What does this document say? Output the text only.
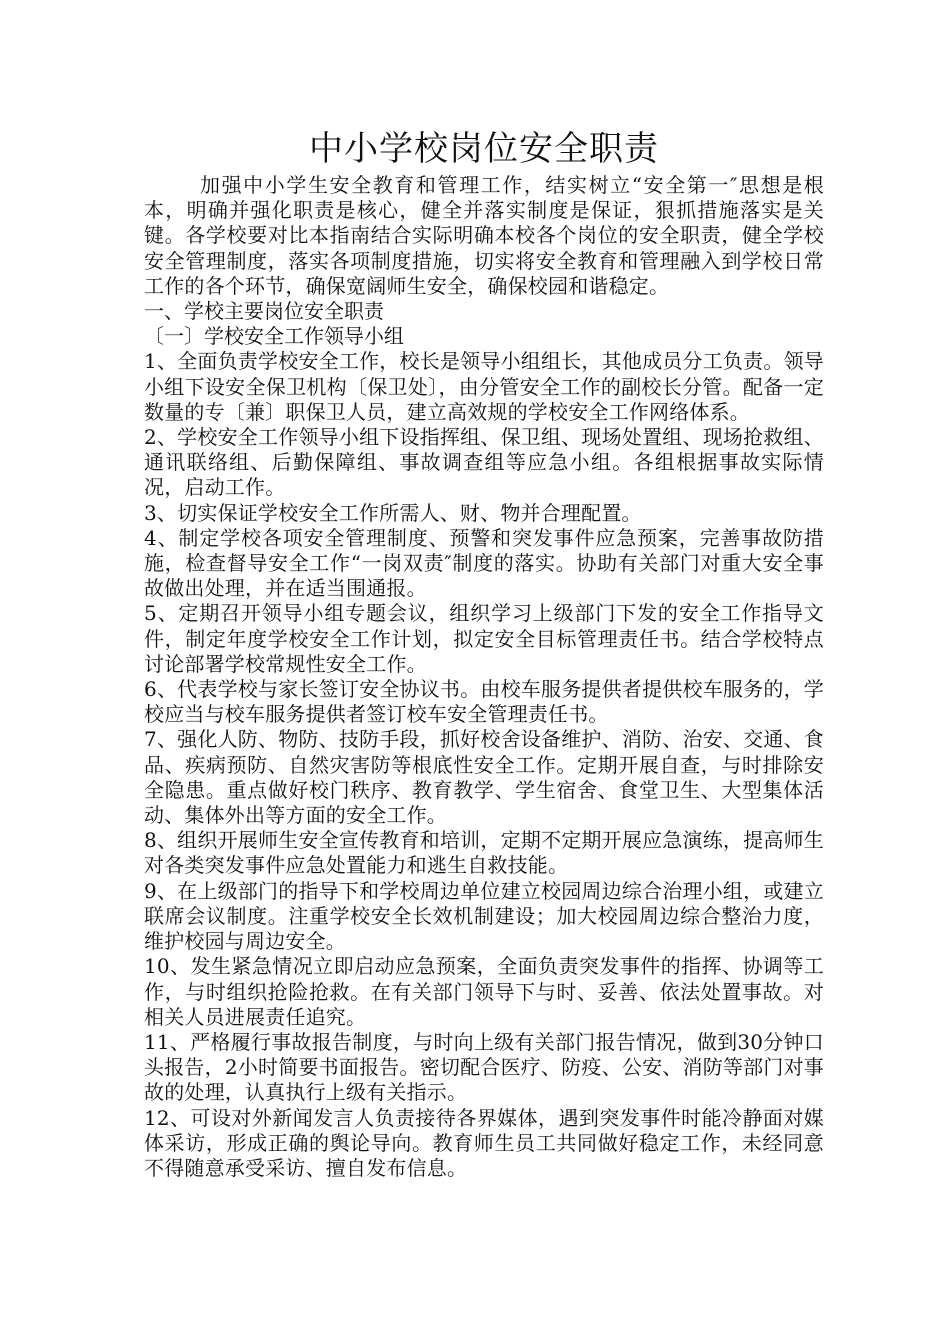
中小学校岗位安全职责

加强中小学生安全教育和管理工作，结实树立“安全第一″思想是根本，明确并强化职责是核心，健全并落实制度是保证，狠抓措施落实是关键。各学校要对比本指南结合实际明确本校各个岗位的安全职责，健全学校安全管理制度，落实各项制度措施，切实将安全教育和管理融入到学校日常工作的各个环节，确保宽阔师生安全，确保校园和谐稳定。

一、学校主要岗位安全职责

〔一〕学校安全工作领导小组

1、全面负责学校安全工作，校长是领导小组组长，其他成员分工负责。领导小组下设安全保卫机构〔保卫处〕，由分管安全工作的副校长分管。配备一定数量的专〔兼〕职保卫人员，建立高效规的学校安全工作网络体系。

2、学校安全工作领导小组下设指挥组、保卫组、现场处置组、现场抢救组、通讯联络组、后勤保障组、事故调查组等应急小组。各组根据事故实际情况，启动工作。

3、切实保证学校安全工作所需人、财、物并合理配置。

4、制定学校各项安全管理制度、预警和突发事件应急预案，完善事故防措施，检查督导安全工作“一岗双责″制度的落实。协助有关部门对重大安全事故做出处理，并在适当围通报。

5、定期召开领导小组专题会议，组织学习上级部门下发的安全工作指导文件，制定年度学校安全工作计划，拟定安全目标管理责任书。结合学校特点讨论部署学校常规性安全工作。

6、代表学校与家长签订安全协议书。由校车服务提供者提供校车服务的，学校应当与校车服务提供者签订校车安全管理责任书。

7、强化人防、物防、技防手段，抓好校舍设备维护、消防、治安、交通、食品、疾病预防、自然灾害防等根底性安全工作。定期开展自查，与时排除安全隐患。重点做好校门秩序、教育教学、学生宿舍、食堂卫生、大型集体活动、集体外出等方面的安全工作。

8、组织开展师生安全宣传教育和培训，定期不定期开展应急演练，提高师生对各类突发事件应急处置能力和逃生自救技能。

9、在上级部门的指导下和学校周边单位建立校园周边综合治理小组，或建立联席会议制度。注重学校安全长效机制建设；加大校园周边综合整治力度，维护校园与周边安全。

10、发生紧急情况立即启动应急预案，全面负责突发事件的指挥、协调等工作，与时组织抢险抢救。在有关部门领导下与时、妥善、依法处置事故。对相关人员进展责任追究。

11、严格履行事故报告制度，与时向上级有关部门报告情况，做到30分钟口头报告，2小时简要书面报告。密切配合医疗、防疫、公安、消防等部门对事故的处理，认真执行上级有关指示。

12、可设对外新闻发言人负责接待各界媒体，遇到突发事件时能冷静面对媒体采访，形成正确的舆论导向。教育师生员工共同做好稳定工作，未经同意不得随意承受采访、擅自发布信息。
